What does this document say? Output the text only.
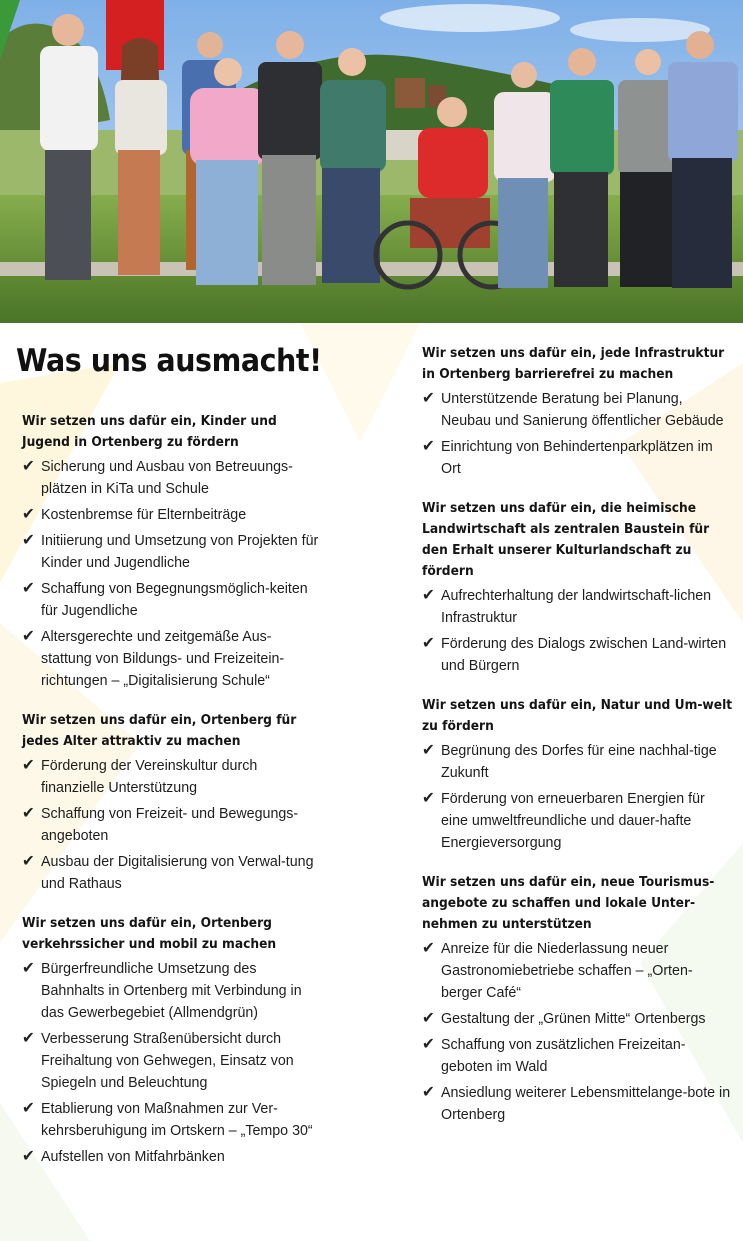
Was uns ausmacht!
Wir setzen uns dafür ein, Kinder und Jugend in Ortenberg zu fördern
✔ Sicherung und Ausbau von Betreuungs-plätzen in KiTa und Schule
✔ Kostenbremse für Elternbeiträge
✔ Initiierung und Umsetzung von Projekten für Kinder und Jugendliche
✔ Schaffung von Begegnungsmöglich-keiten für Jugendliche
✔ Altersgerechte und zeitgemäße Aus-stattung von Bildungs- und Freizeitein-richtungen – „Digitalisierung Schule“
Wir setzen uns dafür ein, Ortenberg für jedes Alter attraktiv zu machen
✔ Förderung der Vereinskultur durch finanzielle Unterstützung
✔ Schaffung von Freizeit- und Bewegungs-angeboten
✔ Ausbau der Digitalisierung von Verwal-tung und Rathaus
Wir setzen uns dafür ein, Ortenberg verkehrssicher und mobil zu machen
✔ Bürgerfreundliche Umsetzung des Bahnhalts in Ortenberg mit Verbindung in das Gewerbegebiet (Allmendgrün)
✔ Verbesserung Straßenübersicht durch Freihaltung von Gehwegen, Einsatz von Spiegeln und Beleuchtung
✔ Etablierung von Maßnahmen zur Ver-kehrsberuhigung im Ortskern – „Tempo 30“
✔ Aufstellen von Mitfahrbänken
Wir setzen uns dafür ein, jede Infrastruktur in Ortenberg barrierefrei zu machen
✔ Unterstützende Beratung bei Planung, Neubau und Sanierung öffentlicher Gebäude
✔ Einrichtung von Behindertenparkplätzen im Ort
Wir setzen uns dafür ein, die heimische Landwirtschaft als zentralen Baustein für den Erhalt unserer Kulturlandschaft zu fördern
✔ Aufrechterhaltung der landwirtschaft-lichen Infrastruktur
✔ Förderung des Dialogs zwischen Land-wirten und Bürgern
Wir setzen uns dafür ein, Natur und Um-welt zu fördern
✔ Begrünung des Dorfes für eine nachhal-tige Zukunft
✔ Förderung von erneuerbaren Energien für eine umweltfreundliche und dauer-hafte Energieversorgung
Wir setzen uns dafür ein, neue Tourismus-angebote zu schaffen und lokale Unter-nehmen zu unterstützen
✔ Anreize für die Niederlassung neuer Gastronomiebetriebe schaffen – „Orten-berger Café“
✔ Gestaltung der „Grünen Mitte“ Ortenbergs
✔ Schaffung von zusätzlichen Freizeitan-geboten im Wald
✔ Ansiedlung weiterer Lebensmittelange-bote in Ortenberg
